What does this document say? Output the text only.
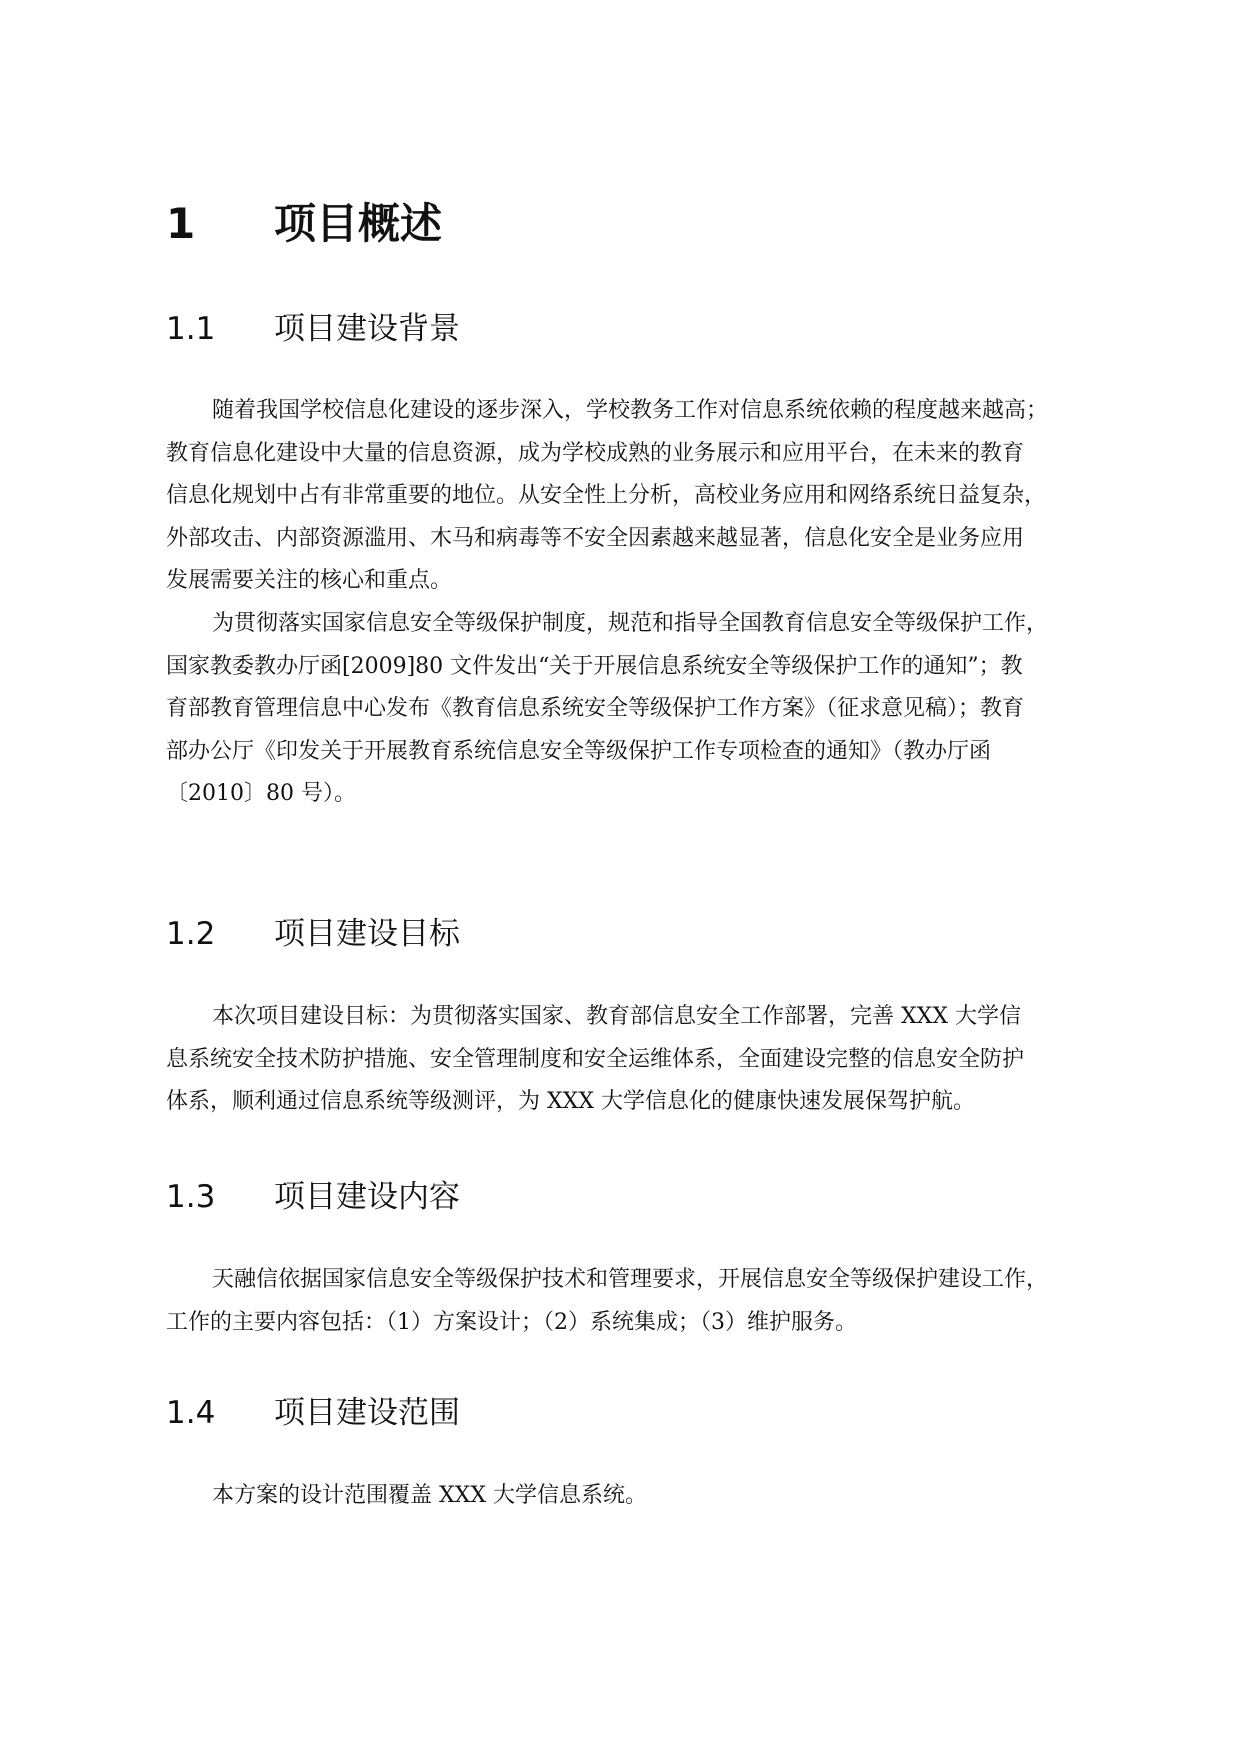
1 项目概述
1.1 项目建设背景
随着我国学校信息化建设的逐步深入，学校教务工作对信息系统依赖的程度越来越高；
教育信息化建设中大量的信息资源，成为学校成熟的业务展示和应用平台，在未来的教育
信息化规划中占有非常重要的地位。从安全性上分析，高校业务应用和网络系统日益复杂，
外部攻击、内部资源滥用、木马和病毒等不安全因素越来越显著，信息化安全是业务应用
发展需要关注的核心和重点。
为贯彻落实国家信息安全等级保护制度，规范和指导全国教育信息安全等级保护工作，
国家教委教办厅函[2009]80 文件发出“关于开展信息系统安全等级保护工作的通知”；教
育部教育管理信息中心发布《教育信息系统安全等级保护工作方案》（征求意见稿）；教育
部办公厅《印发关于开展教育系统信息安全等级保护工作专项检查的通知》（教办厅函
〔2010〕80 号）。
1.2 项目建设目标
本次项目建设目标：为贯彻落实国家、教育部信息安全工作部署，完善 XXX 大学信
息系统安全技术防护措施、安全管理制度和安全运维体系，全面建设完整的信息安全防护
体系，顺利通过信息系统等级测评，为 XXX 大学信息化的健康快速发展保驾护航。
1.3 项目建设内容
天融信依据国家信息安全等级保护技术和管理要求，开展信息安全等级保护建设工作，
工作的主要内容包括：（1）方案设计；（2）系统集成；（3）维护服务。
1.4 项目建设范围
本方案的设计范围覆盖 XXX 大学信息系统。
